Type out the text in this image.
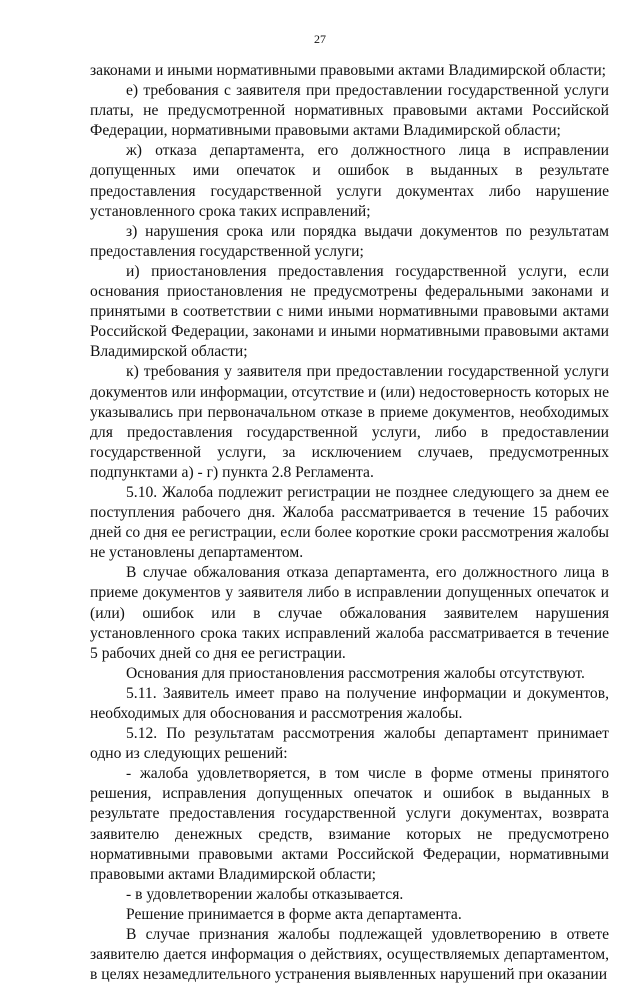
27

законами и иными нормативными правовыми актами Владимирской области;

е) требования с заявителя при предоставлении государственной услуги платы, не предусмотренной нормативных правовыми актами Российской Федерации, нормативными правовыми актами Владимирской области;

ж) отказа департамента, его должностного лица в исправлении допущенных ими опечаток и ошибок в выданных в результате предоставления государственной услуги документах либо нарушение установленного срока таких исправлений;

з) нарушения срока или порядка выдачи документов по результатам предоставления государственной услуги;

и) приостановления предоставления государственной услуги, если основания приостановления не предусмотрены федеральными законами и принятыми в соответствии с ними иными нормативными правовыми актами Российской Федерации, законами и иными нормативными правовыми актами Владимирской области;

к) требования у заявителя при предоставлении государственной услуги документов или информации, отсутствие и (или) недостоверность которых не указывались при первоначальном отказе в приеме документов, необходимых для предоставления государственной услуги, либо в предоставлении государственной услуги, за исключением случаев, предусмотренных подпунктами а) - г) пункта 2.8 Регламента.

5.10. Жалоба подлежит регистрации не позднее следующего за днем ее поступления рабочего дня. Жалоба рассматривается в течение 15 рабочих дней со дня ее регистрации, если более короткие сроки рассмотрения жалобы не установлены департаментом.

В случае обжалования отказа департамента, его должностного лица в приеме документов у заявителя либо в исправлении допущенных опечаток и (или) ошибок или в случае обжалования заявителем нарушения установленного срока таких исправлений жалоба рассматривается в течение 5 рабочих дней со дня ее регистрации.

Основания для приостановления рассмотрения жалобы отсутствуют.

5.11. Заявитель имеет право на получение информации и документов, необходимых для обоснования и рассмотрения жалобы.

5.12. По результатам рассмотрения жалобы департамент принимает одно из следующих решений:

- жалоба удовлетворяется, в том числе в форме отмены принятого решения, исправления допущенных опечаток и ошибок в выданных в результате предоставления государственной услуги документах, возврата заявителю денежных средств, взимание которых не предусмотрено нормативными правовыми актами Российской Федерации, нормативными правовыми актами Владимирской области;

- в удовлетворении жалобы отказывается.

Решение принимается в форме акта департамента.

В случае признания жалобы подлежащей удовлетворению в ответе заявителю дается информация о действиях, осуществляемых департаментом, в целях незамедлительного устранения выявленных нарушений при оказании
